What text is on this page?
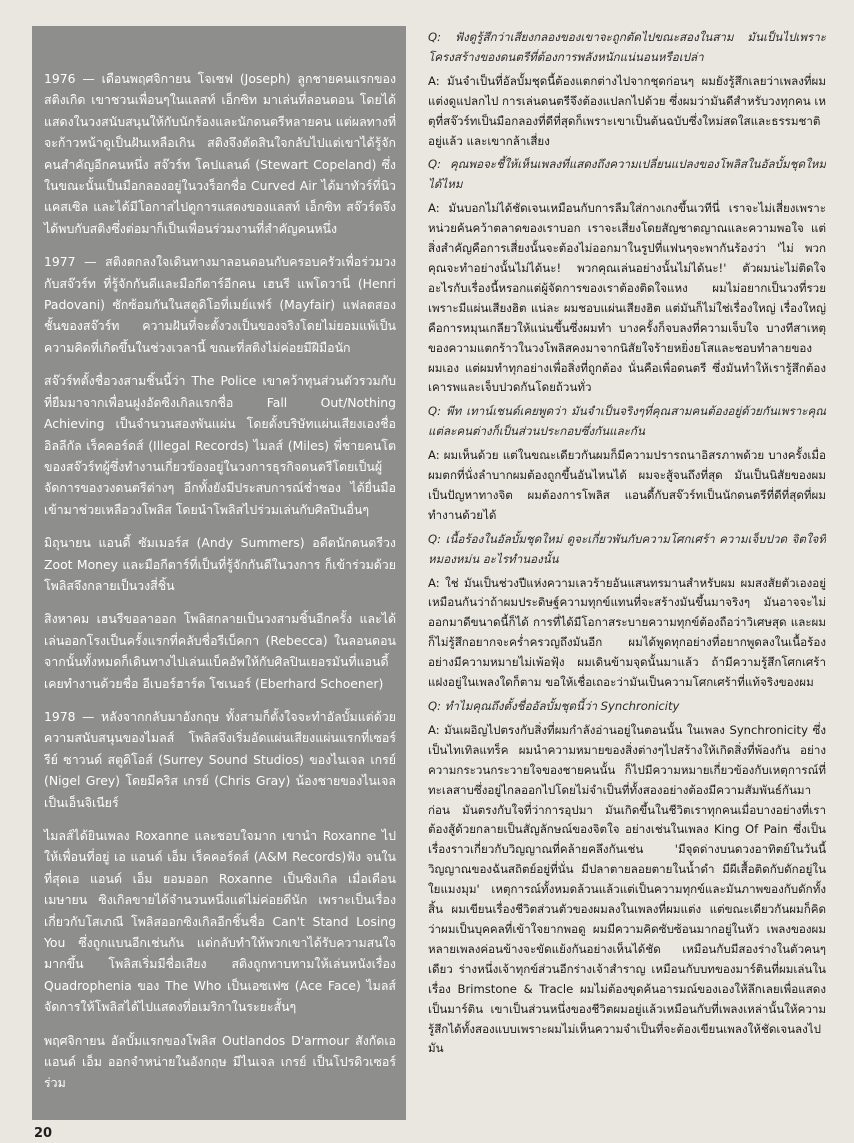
1976 — เดือนพฤศจิกายน โจเซฟ (Joseph) ลูกชายคนแรกของสติงเกิด เขาชวนเพื่อนๆในแลสท์ เอ็กซิท มาเล่นที่ลอนดอน โดยได้แสดงในวงสนับสนุนให้กับนักร้องและนักดนตรีหลายคน แต่ผลทางที่จะก้าวหน้าดูเป็นฝันเหลือเกิน สติงจึงตัดสินใจกลับไปแต่เขาได้รู้จักคนสำคัญอีกคนหนึ่ง สจ๊วร์ท โคปแลนด์ (Stewart Copeland) ซึ่งในขณะนั้นเป็นมือกลองอยู่ในวงร็อกชื่อ Curved Air ได้มาทัวร์ที่นิวแคสเซิล และได้มีโอกาสไปดูการแสดงของแลสท์ เอ็กซิท สจ๊วร์ตจึงได้พบกับสติงซึ่งต่อมาก็เป็นเพื่อนร่วมงานที่สำคัญคนหนึ่ง

1977 — สติงตกลงใจเดินทางมาลอนดอนกับครอบครัวเพื่อร่วมวงกับสจ๊วร์ท ที่รู้จักกันดีและมือกีตาร์อีกคน เฮนรี แพโดวานี่ (Henri Padovani) ซักซ้อมกันในสตูดิโอที่เมย์แฟร์ (Mayfair) แฟลตสองชั้นของสจ๊วร์ท ความฝันที่จะตั้งวงเป็นของจริงโดยไม่ยอมแพ้เป็นความคิดที่เกิดขึ้นในช่วงเวลานี้ ขณะที่สติงไม่ค่อยมีฝีมือนัก

สจ๊วร์ทตั้งชื่อวงสามชิ้นนี้ว่า The Police เขาคว้าทุนส่วนตัวรวมกับที่ยืมมาจากเพื่อนฝูงอัดซิงเกิลแรกชื่อ Fall Out/Nothing Achieving เป็นจำนวนสองพันแผ่น โดยตั้งบริษัทแผ่นเสียงเองชื่ออิลลีกัล เร็คคอร์ดส์ (Illegal Records) ไมลส์ (Miles) พี่ชายคนโตของสจ๊วร์ทผู้ซึ่งทำงานเกี่ยวข้องอยู่ในวงการธุรกิจดนตรีโดยเป็นผู้จัดการของวงดนตรีต่างๆ อีกทั้งยังมีประสบการณ์ช่ำชอง ได้ยื่นมือเข้ามาช่วยเหลือวงโพลิส โดยนำโพลิสไปร่วมเล่นกับศิลปินอื่นๆ

มิถุนายน แอนดี้ ซัมเมอร์ส (Andy Summers) อดีตนักดนตรีวง Zoot Money และมือกีตาร์ที่เป็นที่รู้จักกันดีในวงการ ก็เข้าร่วมด้วย โพลิสจึงกลายเป็นวงสี่ชิ้น

สิงหาคม เฮนรีขอลาออก โพลิสกลายเป็นวงสามชิ้นอีกครั้ง และได้เล่นออกโรงเป็นครั้งแรกที่คลับชื่อรีเบ็คกา (Rebecca) ในลอนดอน จากนั้นทั้งหมดก็เดินทางไปเล่นแบ็คอัพให้กับศิลปินเยอรมันที่แอนดี้เคยทำงานด้วยชื่อ อีเบอร์ฮาร์ต โชเนอร์ (Eberhard Schoener)

1978 — หลังจากกลับมาอังกฤษ ทั้งสามก็ตั้งใจจะทำอัลบั้มแต่ด้วยความสนับสนุนของไมลส์ โพลิสจึงเริ่มอัดแผ่นเสียงแผ่นแรกที่เซอร์รีย์ ซาวนด์ สตูดิโอส์ (Surrey Sound Studios) ของไนเจล เกรย์ (Nigel Grey) โดยมีคริส เกรย์ (Chris Gray) น้องชายของไนเจลเป็นเอ็นจิเนียร์

ไมลส์ได้ยินเพลง Roxanne และชอบใจมาก เขานำ Roxanne ไปให้เพื่อนที่อยู่ เอ แอนด์ เอ็ม เร็คคอร์ดส์ (A&M Records)ฟัง จนในที่สุดเอ แอนด์ เอ็ม ยอมออก Roxanne เป็นซิงเกิล เมื่อเดือนเมษายน ซิงเกิลขายได้จำนวนหนึ่งแต่ไม่ค่อยดีนัก เพราะเป็นเรื่องเกี่ยวกับโสเภณี โพลิสออกซิงเกิลอีกชิ้นชื่อ Can't Stand Losing You ซึ่งถูกแบนอีกเช่นกัน แต่กลับทำให้พวกเขาได้รับความสนใจมากขึ้น โพลิสเริ่มมีชื่อเสียง สติงถูกทาบทามให้เล่นหนังเรื่อง Quadrophenia ของ The Who เป็นเอซเฟซ (Ace Face) ไมลส์จัดการให้โพลิสได้ไปแสดงที่อเมริกาในระยะสั้นๆ

พฤศจิกายน อัลบั้มแรกของโพลิส Outlandos D'armour สังกัดเอ แอนด์ เอ็ม ออกจำหน่ายในอังกฤษ มีไนเจล เกรย์ เป็นโปรดิวเซอร์ร่วม

Q: ฟังดูรู้สึกว่าเสียงกลองของเขาจะถูกตัดไปขณะสองในสาม มันเป็นไปเพราะโครงสร้างของดนตรีที่ต้องการพลังหนักแน่นอนหรือเปล่า

A: มันจำเป็นที่อัลบั้มชุดนี้ต้องแตกต่างไปจากชุดก่อนๆ ผมยังรู้สึกเลยว่าเพลงที่ผมแต่งดูแปลกไป การเล่นดนตรีจึงต้องแปลกไปด้วย ซึ่งผมว่ามันดีสำหรับวงทุกคน เหตุที่สจ๊วร์ทเป็นมือกลองที่ดีที่สุดก็เพราะเขาเป็นต้นฉบับซึ่งใหม่สดใสและธรรมชาติอยู่แล้ว และเขากล้าเสี่ยง

Q: คุณพอจะชี้ให้เห็นเพลงที่แสดงถึงความเปลี่ยนแปลงของโพลิสในอัลบั้มชุดใหม่ได้ไหม

A: มันบอกไม่ได้ชัดเจนเหมือนกับการลืมใส่กางเกงขึ้นเวทีนี่ เราจะไม่เสี่ยงเพราะหน่วยค้นคว้าตลาดของเราบอก เราจะเสี่ยงโดยสัญชาตญาณและความพอใจ แต่สิ่งสำคัญคือการเสี่ยงนั้นจะต้องไม่ออกมาในรูปที่แฟนๆจะพากันร้องว่า 'ไม่ พวกคุณจะทำอย่างนั้นไม่ได้นะ! พวกคุณเล่นอย่างนั้นไม่ได้นะ!' ตัวผมน่ะไม่ติดใจอะไรกับเรื่องนี้หรอกแต่ผู้จัดการของเราต้องติดใจแหง ผมไม่อยากเป็นวงที่รวยเพราะมีแผ่นเสียงฮิต แน่ละ ผมชอบแผ่นเสียงฮิต แต่มันก็ไม่ใช่เรื่องใหญ่ เรื่องใหญ่คือการหมุนเกลียวให้แน่นขึ้นซึ่งผมทำ บางครั้งก็จบลงที่ความเจ็บใจ บางทีสาเหตุของความแตกร้าวในวงโพลิสคงมาจากนิสัยใจร้ายหยิ่งยโสและชอบทำลายของผมเอง แต่ผมทำทุกอย่างเพื่อสิ่งที่ถูกต้อง นั่นคือเพื่อดนตรี ซึ่งมันทำให้เรารู้สึกต้องเคารพและเจ็บปวดกันโดยถ้วนทั่ว

Q: พีท เทาน์เชนด์เคยพูดว่า มันจำเป็นจริงๆที่คุณสามคนต้องอยู่ด้วยกันเพราะคุณแต่ละคนต่างก็เป็นส่วนประกอบซึ่งกันและกัน

A: ผมเห็นด้วย แต่ในขณะเดียวกันผมก็มีความปรารถนาอิสรภาพด้วย บางครั้งเมื่อผมตกที่นั่งลำบากผมต้องถูกขึ้นอันไหนได้ ผมจะสู้จนถึงที่สุด มันเป็นนิสัยของผม เป็นปัญหาทางจิต ผมต้องการโพลิส แอนดี้กับสจ๊วร์ทเป็นนักดนตรีที่ดีที่สุดที่ผมทำงานด้วยได้

Q: เนื้อร้องในอัลบั้มชุดใหม่ ดูจะเกี่ยวพันกับความโศกเศร้า ความเจ็บปวด จิตใจที่หมองหม่น อะไรทำนองนั้น

A: ใช่ มันเป็นช่วงปีแห่งความเลวร้ายอันแสนทรมานสำหรับผม ผมสงสัยตัวเองอยู่เหมือนกันว่าถ้าผมประดิษฐ์ความทุกข์แทนที่จะสร้างมันขึ้นมาจริงๆ มันอาจจะไม่ออกมาดีขนาดนี้ก็ได้ การที่ได้มีโอกาสระบายความทุกข์ต้องถือว่าวิเศษสุด และผมก็ไม่รู้สึกอยากจะคร่ำครวญถึงมันอีก ผมได้พูดทุกอย่างที่อยากพูดลงในเนื้อร้องอย่างมีความหมายไม่เพ้อฟุ้ง ผมเดินข้ามจุดนั้นมาแล้ว ถ้ามีความรู้สึกโศกเศร้าแฝงอยู่ในเพลงใดก็ตาม ขอให้เชื่อเถอะว่ามันเป็นความโศกเศร้าที่แท้จริงของผม

Q: ทำไมคุณถึงตั้งชื่ออัลบั้มชุดนี้ว่า Synchronicity

A: มันเผอิญไปตรงกับสิ่งที่ผมกำลังอ่านอยู่ในตอนนั้น ในเพลง Synchronicity ซึ่งเป็นไทเทิลแทร็ค ผมนำความหมายของสิ่งต่างๆไปสร้างให้เกิดสิ่งที่พ้องกัน อย่างความกระวนกระวายใจของชายคนนั้น ก็ไปมีความหมายเกี่ยวข้องกับเหตุการณ์ที่ทะเลสาบซึ่งอยู่ไกลออกไปโดยไม่จำเป็นที่ทั้งสองอย่างต้องมีความสัมพันธ์กันมาก่อน มันตรงกับใจที่ว่าการอุปมา มันเกิดขึ้นในชีวิตเราทุกคนเมื่อบางอย่างที่เราต้องสู้ด้วยกลายเป็นสัญลักษณ์ของจิตใจ อย่างเช่นในเพลง King Of Pain ซึ่งเป็นเรื่องราวเกี่ยวกับวิญญาณที่คล้ายคลึงกันเช่น 'มีจุดด่างบนดวงอาทิตย์ในวันนี้ วิญญาณของฉันสถิตย์อยู่ที่นั่น มีปลาตายลอยตายในน้ำดำ มีผีเสื้อติดกับดักอยู่ในใยแมงมุม' เหตุการณ์ทั้งหมดล้วนแล้วแต่เป็นความทุกข์และมันภาพของกับดักทั้งสิ้น ผมเขียนเรื่องชีวิตส่วนตัวของผมลงในเพลงที่ผมแต่ง แต่ขณะเดียวกันผมก็คิดว่าผมเป็นบุคคลที่เข้าใจยากพอดู ผมมีความคิดซับซ้อนมากอยู่ในหัว เพลงของผมหลายเพลงค่อนข้างจะขัดแย้งกันอย่างเห็นได้ชัด เหมือนกับมีสองร่างในตัวคนๆเดียว ร่างหนึ่งเจ้าทุกข์ส่วนอีกร่างเจ้าสำราญ เหมือนกับบทของมาร์ตินที่ผมเล่นในเรื่อง Brimstone & Tracle ผมไม่ต้องขุดค้นอารมณ์ของเองให้ลึกเลยเพื่อแสดงเป็นมาร์ติน เขาเป็นส่วนหนึ่งของชีวิตผมอยู่แล้วเหมือนกับที่เพลงเหล่านั้นให้ความรู้สึกได้ทั้งสองแบบเพราะผมไม่เห็นความจำเป็นที่จะต้องเขียนเพลงให้ชัดเจนลงไป มัน

20
